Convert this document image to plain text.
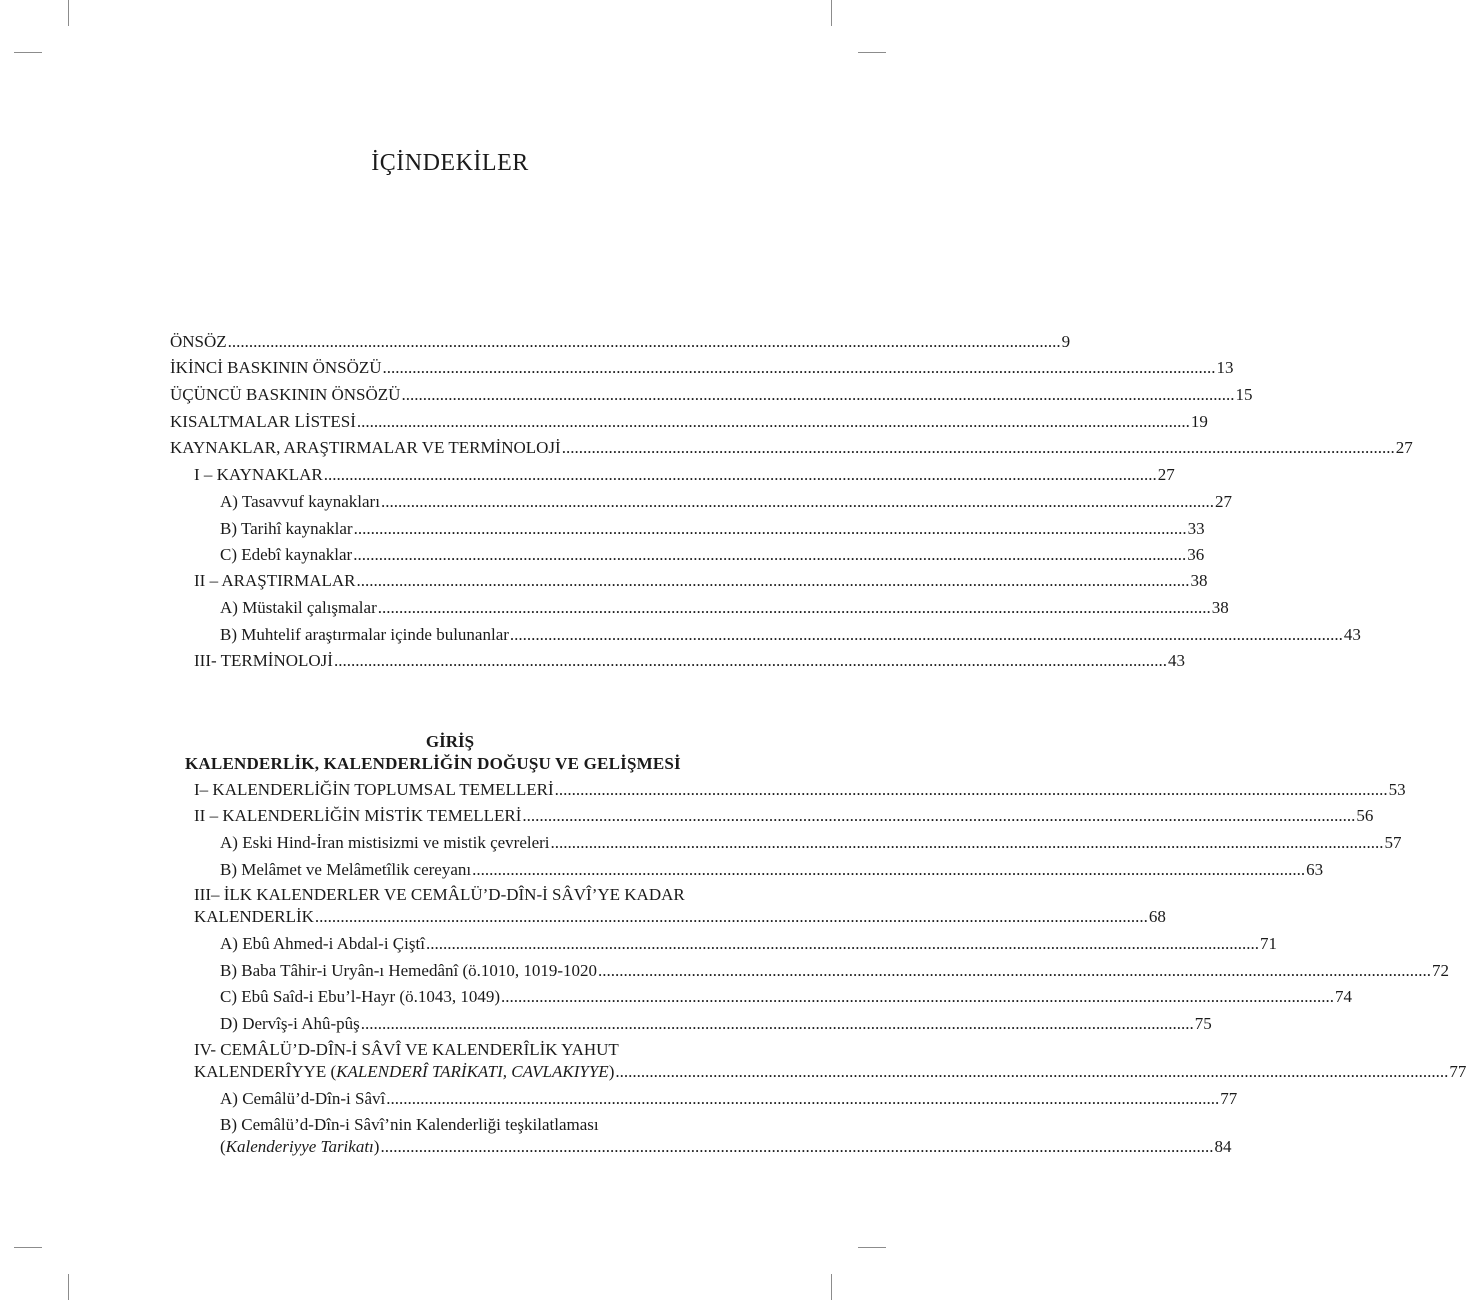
İÇİNDEKİLER
ÖNSÖZ .................................................................................................................................................................................................... 9
İKİNCİ BASKININ ÖNSÖZÜ .................................................................................................................................................................................................... 13
ÜÇÜNCÜ BASKININ ÖNSÖZÜ .................................................................................................................................................................................................... 15
KISALTMALAR LİSTESİ .................................................................................................................................................................................................... 19
KAYNAKLAR, ARAŞTIRMALAR VE TERMİNOLOJİ .................................................................................................................................................................................................... 27
I – KAYNAKLAR .................................................................................................................................................................................................... 27
A) Tasavvuf kaynakları .................................................................................................................................................................................................... 27
B) Tarihî kaynaklar .................................................................................................................................................................................................... 33
C) Edebî kaynaklar .................................................................................................................................................................................................... 36
II – ARAŞTIRMALAR .................................................................................................................................................................................................... 38
A) Müstakil çalışmalar .................................................................................................................................................................................................... 38
B) Muhtelif araştırmalar içinde bulunanlar .................................................................................................................................................................................................... 43
III- TERMİNOLOJİ .................................................................................................................................................................................................... 43
GİRİŞ
KALENDERLİK, KALENDERLİĞİN DOĞUŞU VE GELİŞMESİ
I– KALENDERLİĞİN TOPLUMSAL TEMELLERİ .................................................................................................................................................................................................... 53
II – KALENDERLİĞİN MİSTİK TEMELLERİ .................................................................................................................................................................................................... 56
A) Eski Hind-İran mistisizmi ve mistik çevreleri .................................................................................................................................................................................................... 57
B) Melâmet ve Melâmetîlik cereyanı .................................................................................................................................................................................................... 63
III– İLK KALENDERLER VE CEMÂLÜ’D-DÎN-İ SÂVÎ’YE KADAR
KALENDERLİK .................................................................................................................................................................................................... 68
A) Ebû Ahmed-i Abdal-i Çiştî .................................................................................................................................................................................................... 71
B) Baba Tâhir-i Uryân-ı Hemedânî (ö.1010, 1019-1020 .................................................................................................................................................................................................... 72
C) Ebû Saîd-i Ebu’l-Hayr (ö.1043, 1049) .................................................................................................................................................................................................... 74
D) Dervîş-i Ahû-pûş .................................................................................................................................................................................................... 75
IV- CEMÂLÜ’D-DÎN-İ SÂVÎ VE KALENDERÎLİK YAHUT
KALENDERÎYYE (KALENDERÎ TARİKATI, CAVLAKIYYE) .................................................................................................................................................................................................... 77
A) Cemâlü’d-Dîn-i Sâvî .................................................................................................................................................................................................... 77
B) Cemâlü’d-Dîn-i Sâvî’nin Kalenderliği teşkilatlaması
(Kalenderiyye Tarikatı) .................................................................................................................................................................................................... 84
